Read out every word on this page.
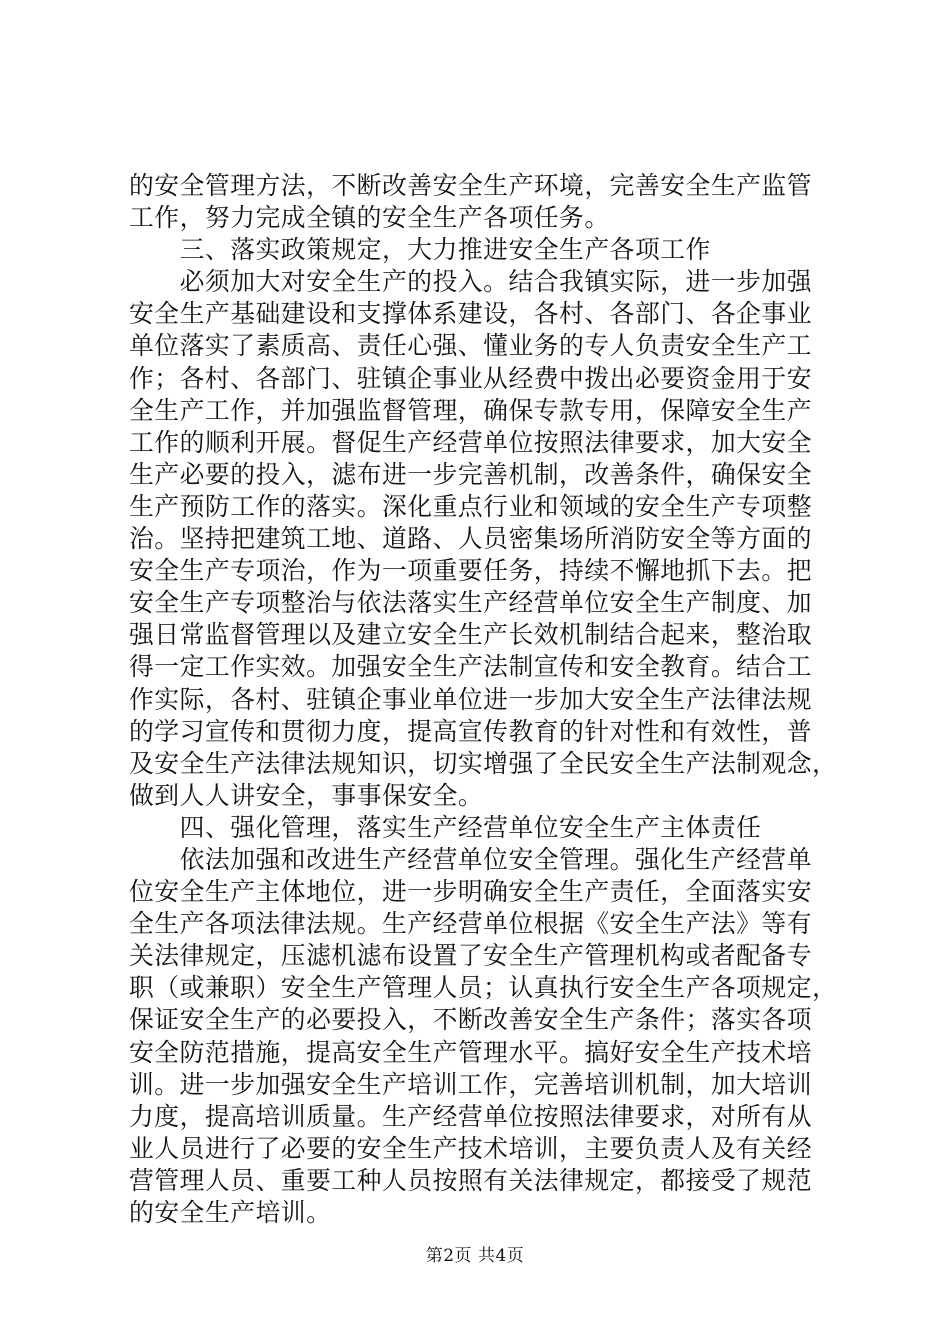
的安全管理方法，不断改善安全生产环境，完善安全生产监管
工作，努力完成全镇的安全生产各项任务。
　　三、落实政策规定，大力推进安全生产各项工作
　　必须加大对安全生产的投入。结合我镇实际，进一步加强
安全生产基础建设和支撑体系建设，各村、各部门、各企事业
单位落实了素质高、责任心强、懂业务的专人负责安全生产工
作；各村、各部门、驻镇企事业从经费中拨出必要资金用于安
全生产工作，并加强监督管理，确保专款专用，保障安全生产
工作的顺利开展。督促生产经营单位按照法律要求，加大安全
生产必要的投入，滤布进一步完善机制，改善条件，确保安全
生产预防工作的落实。深化重点行业和领域的安全生产专项整
治。坚持把建筑工地、道路、人员密集场所消防安全等方面的
安全生产专项治，作为一项重要任务，持续不懈地抓下去。把
安全生产专项整治与依法落实生产经营单位安全生产制度、加
强日常监督管理以及建立安全生产长效机制结合起来，整治取
得一定工作实效。加强安全生产法制宣传和安全教育。结合工
作实际，各村、驻镇企事业单位进一步加大安全生产法律法规
的学习宣传和贯彻力度，提高宣传教育的针对性和有效性，普
及安全生产法律法规知识，切实增强了全民安全生产法制观念，
做到人人讲安全，事事保安全。
　　四、强化管理，落实生产经营单位安全生产主体责任
　　依法加强和改进生产经营单位安全管理。强化生产经营单
位安全生产主体地位，进一步明确安全生产责任，全面落实安
全生产各项法律法规。生产经营单位根据《安全生产法》等有
关法律规定，压滤机滤布设置了安全生产管理机构或者配备专
职（或兼职）安全生产管理人员；认真执行安全生产各项规定，
保证安全生产的必要投入，不断改善安全生产条件；落实各项
安全防范措施，提高安全生产管理水平。搞好安全生产技术培
训。进一步加强安全生产培训工作，完善培训机制，加大培训
力度，提高培训质量。生产经营单位按照法律要求，对所有从
业人员进行了必要的安全生产技术培训，主要负责人及有关经
营管理人员、重要工种人员按照有关法律规定，都接受了规范
的安全生产培训。
第2页 共4页
